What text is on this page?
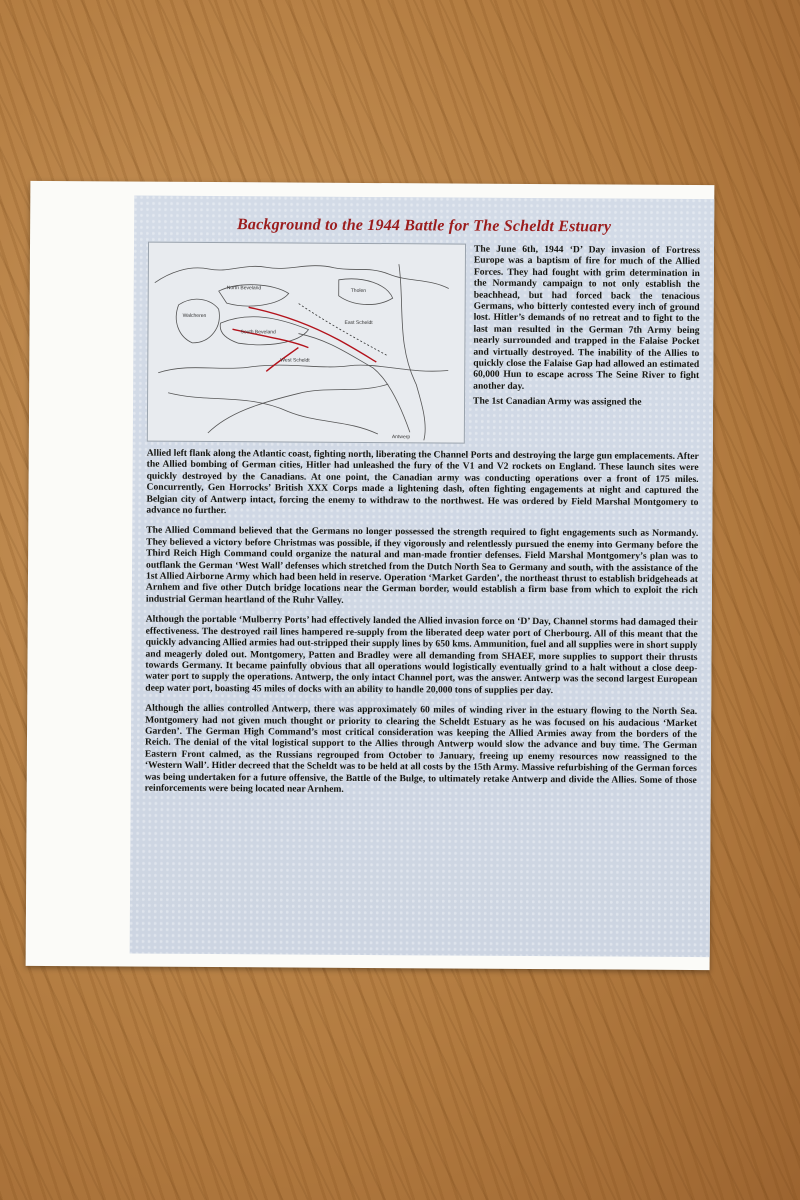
Background to the 1944 Battle for The Scheldt Estuary
North Beveland	Tholen
Walcheren
South Beveland
East Scheldt
West Scheldt
Antwerp

The June 6th, 1944 ‘D’ Day invasion of Fortress Europe was a baptism of fire for much of the Allied Forces. They had fought with grim determination in the Normandy campaign to not only establish the beachhead, but had forced back the tenacious Germans, who bitterly contested every inch of ground lost. Hitler’s demands of no retreat and to fight to the last man resulted in the German 7th Army being nearly surrounded and trapped in the Falaise Pocket and virtually destroyed. The inability of the Allies to quickly close the Falaise Gap had allowed an estimated 60,000 Hun to escape across The Seine River to fight another day.

The 1st Canadian Army was assigned the

Allied left flank along the Atlantic coast, fighting north, liberating the Channel Ports and destroying the large gun emplacements. After the Allied bombing of German cities, Hitler had unleashed the fury of the V1 and V2 rockets on England. These launch sites were quickly destroyed by the Canadians. At one point, the Canadian army was conducting operations over a front of 175 miles. Concurrently, Gen Horrocks’ British XXX Corps made a lightening dash, often fighting engagements at night and captured the Belgian city of Antwerp intact, forcing the enemy to withdraw to the northwest. He was ordered by Field Marshal Montgomery to advance no further.

The Allied Command believed that the Germans no longer possessed the strength required to fight engagements such as Normandy. They believed a victory before Christmas was possible, if they vigorously and relentlessly pursued the enemy into Germany before the Third Reich High Command could organize the natural and man-made frontier defenses. Field Marshal Montgomery’s plan was to outflank the German ‘West Wall’ defenses which stretched from the Dutch North Sea to Germany and south, with the assistance of the 1st Allied Airborne Army which had been held in reserve. Operation ‘Market Garden’, the northeast thrust to establish bridgeheads at Arnhem and five other Dutch bridge locations near the German border, would establish a firm base from which to exploit the rich industrial German heartland of the Ruhr Valley.

Although the portable ‘Mulberry Ports’ had effectively landed the Allied invasion force on ‘D’ Day, Channel storms had damaged their effectiveness. The destroyed rail lines hampered re-supply from the liberated deep water port of Cherbourg. All of this meant that the quickly advancing Allied armies had out-stripped their supply lines by 650 kms. Ammunition, fuel and all supplies were in short supply and meagerly doled out. Montgomery, Patten and Bradley were all demanding from SHAEF, more supplies to support their thrusts towards Germany. It became painfully obvious that all operations would logistically eventually grind to a halt without a close deep-water port to supply the operations. Antwerp, the only intact Channel port, was the answer. Antwerp was the second largest European deep water port, boasting 45 miles of docks with an ability to handle 20,000 tons of supplies per day.

Although the allies controlled Antwerp, there was approximately 60 miles of winding river in the estuary flowing to the North Sea. Montgomery had not given much thought or priority to clearing the Scheldt Estuary as he was focused on his audacious ‘Market Garden’. The German High Command’s most critical consideration was keeping the Allied Armies away from the borders of the Reich. The denial of the vital logistical support to the Allies through Antwerp would slow the advance and buy time. The German Eastern Front calmed, as the Russians regrouped from October to January, freeing up enemy resources now reassigned to the ‘Western Wall’. Hitler decreed that the Scheldt was to be held at all costs by the 15th Army. Massive refurbishing of the German forces was being undertaken for a future offensive, the Battle of the Bulge, to ultimately retake Antwerp and divide the Allies. Some of those reinforcements were being located near Arnhem.
